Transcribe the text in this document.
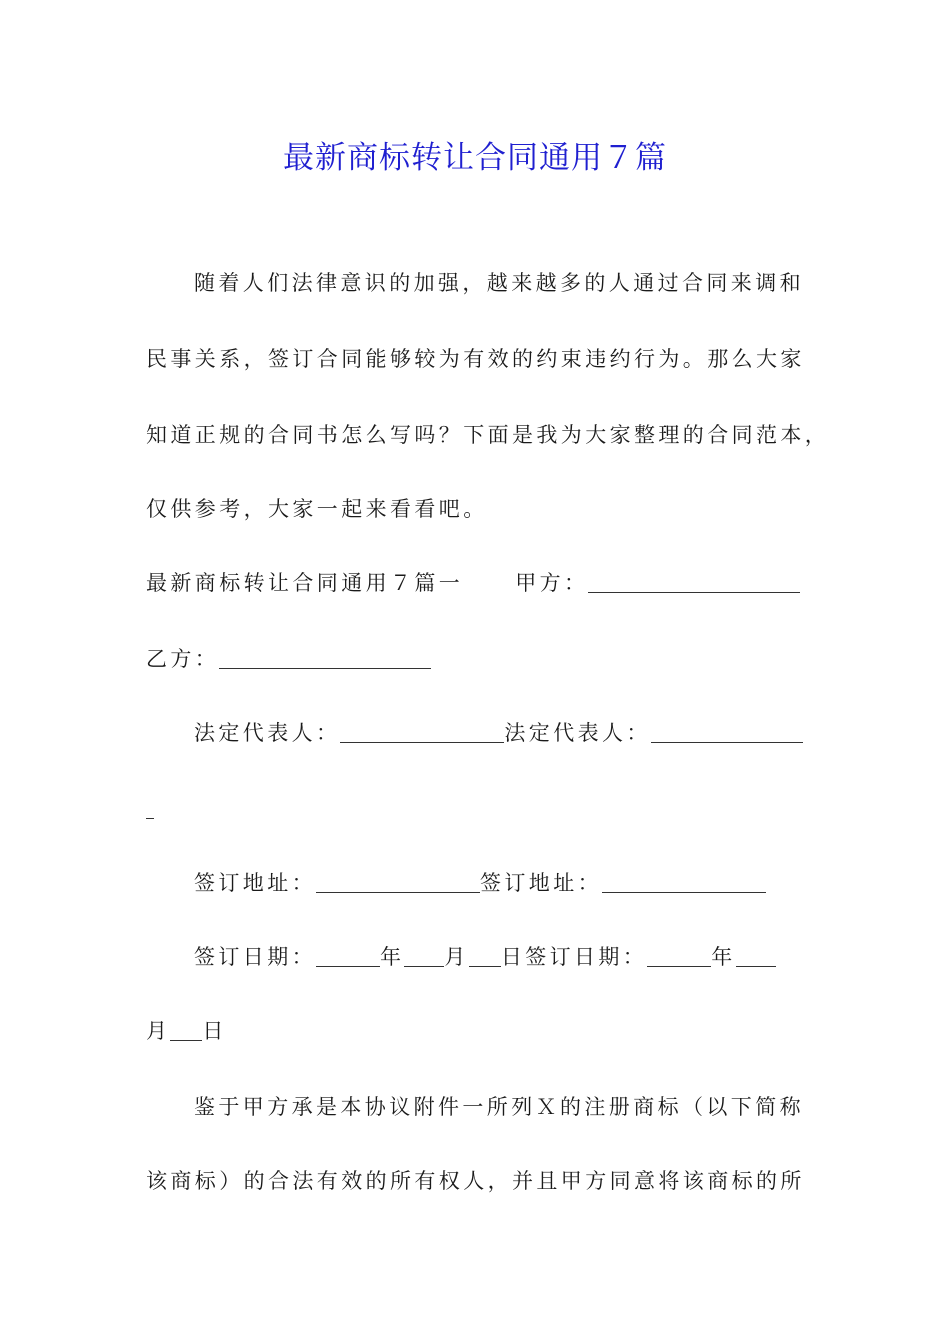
最新商标转让合同通用７篇
随着人们法律意识的加强，越来越多的人通过合同来调和
民事关系，签订合同能够较为有效的约束违约行为。那么大家
知道正规的合同书怎么写吗？下面是我为大家整理的合同范本，
仅供参考，大家一起来看看吧。
最新商标转让合同通用７篇一 甲方：
乙方：
法定代表人：	法定代表人：
签订地址：	签订地址：
签订日期：	年 月 日签订日期：	年
月 日
鉴于甲方承是本协议附件一所列Ｘ的注册商标（以下简称
该商标）的合法有效的所有权人，并且甲方同意将该商标的所
